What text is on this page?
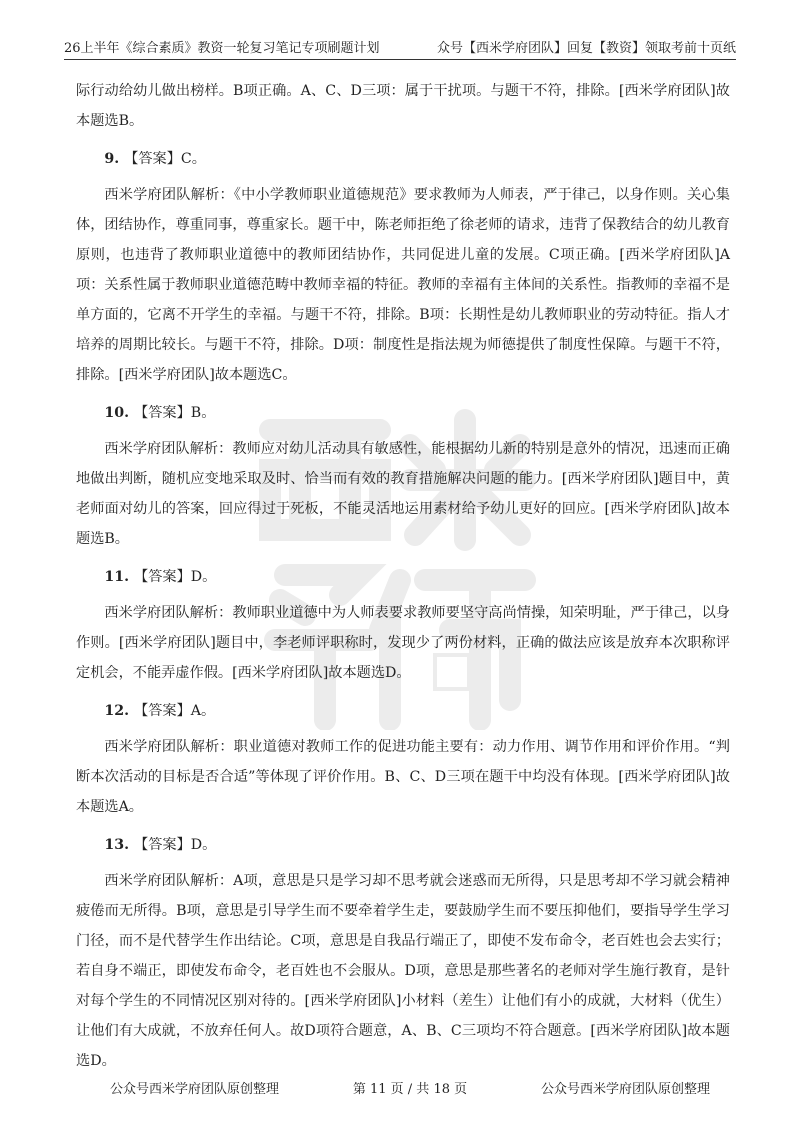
26上半年《综合素质》教资一轮复习笔记专项刷题计划	众号【西米学府团队】回复【教资】领取考前十页纸

际行动给幼儿做出榜样。B项正确。A、C、D三项：属于干扰项。与题干不符，排除。[西米学府团队]故本题选B。

9. 【答案】C。

西米学府团队解析：《中小学教师职业道德规范》要求教师为人师表，严于律己，以身作则。关心集体，团结协作，尊重同事，尊重家长。题干中，陈老师拒绝了徐老师的请求，违背了保教结合的幼儿教育原则，也违背了教师职业道德中的教师团结协作，共同促进儿童的发展。C项正确。[西米学府团队]A项：关系性属于教师职业道德范畴中教师幸福的特征。教师的幸福有主体间的关系性。指教师的幸福不是单方面的，它离不开学生的幸福。与题干不符，排除。B项：长期性是幼儿教师职业的劳动特征。指人才培养的周期比较长。与题干不符，排除。D项：制度性是指法规为师德提供了制度性保障。与题干不符，排除。[西米学府团队]故本题选C。

10. 【答案】B。

西米学府团队解析：教师应对幼儿活动具有敏感性，能根据幼儿新的特别是意外的情况，迅速而正确地做出判断，随机应变地采取及时、恰当而有效的教育措施解决问题的能力。[西米学府团队]题目中，黄老师面对幼儿的答案，回应得过于死板，不能灵活地运用素材给予幼儿更好的回应。[西米学府团队]故本题选B。

11. 【答案】D。

西米学府团队解析：教师职业道德中为人师表要求教师要坚守高尚情操，知荣明耻，严于律己，以身作则。[西米学府团队]题目中，李老师评职称时，发现少了两份材料，正确的做法应该是放弃本次职称评定机会，不能弄虚作假。[西米学府团队]故本题选D。

12. 【答案】A。

西米学府团队解析：职业道德对教师工作的促进功能主要有：动力作用、调节作用和评价作用。“判断本次活动的目标是否合适”等体现了评价作用。B、C、D三项在题干中均没有体现。[西米学府团队]故本题选A。

13. 【答案】D。

西米学府团队解析：A项，意思是只是学习却不思考就会迷惑而无所得，只是思考却不学习就会精神疲倦而无所得。B项，意思是引导学生而不要牵着学生走，要鼓励学生而不要压抑他们，要指导学生学习门径，而不是代替学生作出结论。C项，意思是自我品行端正了，即使不发布命令，老百姓也会去实行；若自身不端正，即使发布命令，老百姓也不会服从。D项，意思是那些著名的老师对学生施行教育，是针对每个学生的不同情况区别对待的。[西米学府团队]小材料（差生）让他们有小的成就，大材料（优生）让他们有大成就，不放弃任何人。故D项符合题意，A、B、C三项均不符合题意。[西米学府团队]故本题选D。

公众号西米学府团队原创整理	第 11 页 / 共 18 页	公众号西米学府团队原创整理
